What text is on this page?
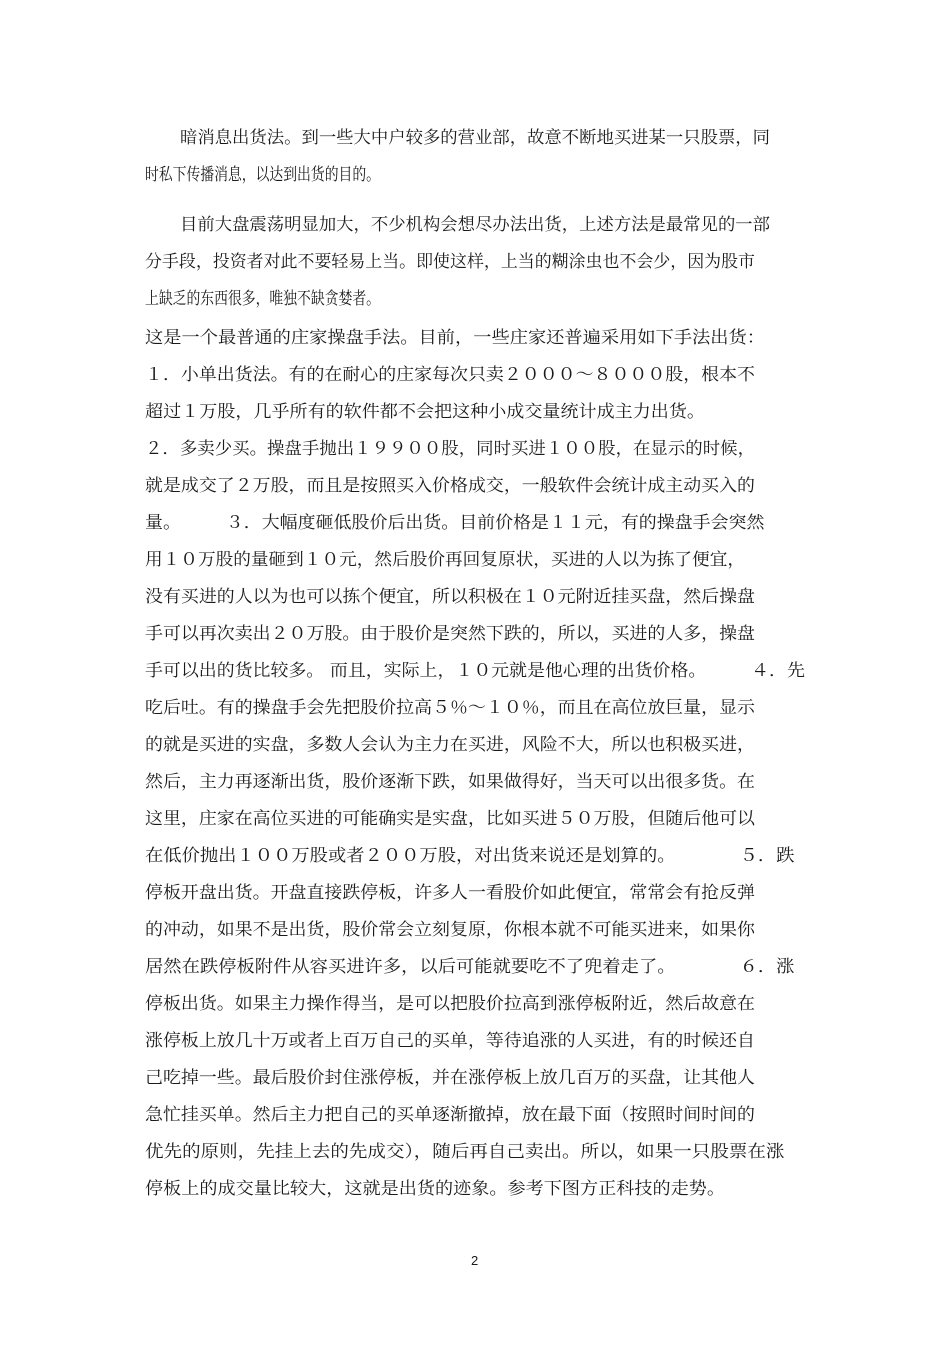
暗消息出货法。到一些大中户较多的营业部，故意不断地买进某一只股票，同
时私下传播消息，以达到出货的目的。
目前大盘震荡明显加大，不少机构会想尽办法出货，上述方法是最常见的一部
分手段，投资者对此不要轻易上当。即使这样，上当的糊涂虫也不会少，因为股市
上缺乏的东西很多，唯独不缺贪婪者。
这是一个最普通的庄家操盘手法。目前，一些庄家还普遍采用如下手法出货：
１．小单出货法。有的在耐心的庄家每次只卖２０００～８０００股，根本不
超过１万股，几乎所有的软件都不会把这种小成交量统计成主力出货。
２．多卖少买。操盘手抛出１９９００股，同时买进１００股，在显示的时候，
就是成交了２万股，而且是按照买入价格成交，一般软件会统计成主动买入的
量。　　　３．大幅度砸低股价后出货。目前价格是１１元，有的操盘手会突然
用１０万股的量砸到１０元，然后股价再回复原状，买进的人以为拣了便宜，
没有买进的人以为也可以拣个便宜，所以积极在１０元附近挂买盘，然后操盘
手可以再次卖出２０万股。由于股价是突然下跌的，所以，买进的人多，操盘
手可以出的货比较多。 而且，实际上，１０元就是他心理的出货价格。　　　４．先
吃后吐。有的操盘手会先把股价拉高５％～１０％，而且在高位放巨量，显示
的就是买进的实盘，多数人会认为主力在买进，风险不大，所以也积极买进，
然后，主力再逐渐出货，股价逐渐下跌，如果做得好，当天可以出很多货。在
这里，庄家在高位买进的可能确实是实盘，比如买进５０万股，但随后他可以
在低价抛出１００万股或者２００万股，对出货来说还是划算的。　　　　５．跌
停板开盘出货。开盘直接跌停板，许多人一看股价如此便宜，常常会有抢反弹
的冲动，如果不是出货，股价常会立刻复原，你根本就不可能买进来，如果你
居然在跌停板附件从容买进许多，以后可能就要吃不了兜着走了。　　　　６．涨
停板出货。如果主力操作得当，是可以把股价拉高到涨停板附近，然后故意在
涨停板上放几十万或者上百万自己的买单，等待追涨的人买进，有的时候还自
己吃掉一些。最后股价封住涨停板，并在涨停板上放几百万的买盘，让其他人
急忙挂买单。然后主力把自己的买单逐渐撤掉，放在最下面（按照时间时间的
优先的原则，先挂上去的先成交），随后再自己卖出。所以，如果一只股票在涨
停板上的成交量比较大，这就是出货的迹象。参考下图方正科技的走势。
2
